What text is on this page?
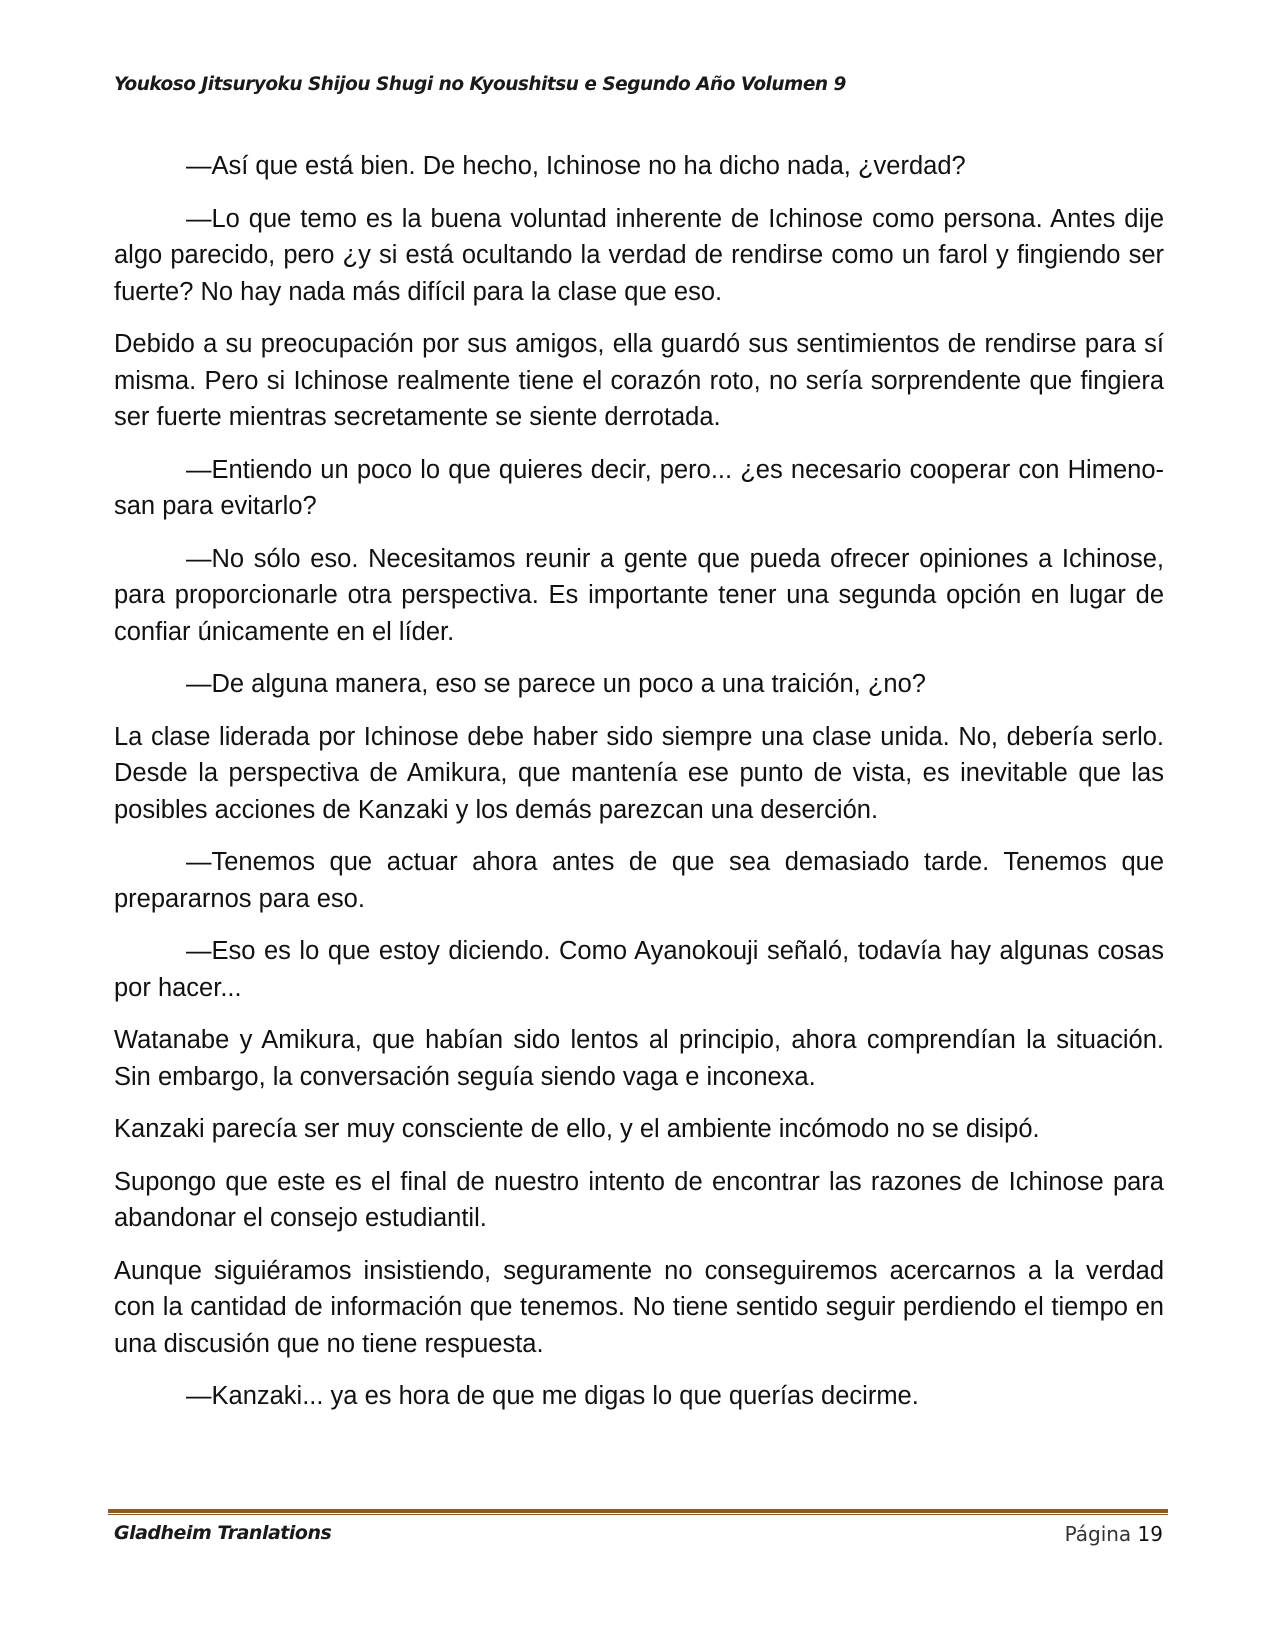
Youkoso Jitsuryoku Shijou Shugi no Kyoushitsu e Segundo Año Volumen 9

—Así que está bien. De hecho, Ichinose no ha dicho nada, ¿verdad?

—Lo que temo es la buena voluntad inherente de Ichinose como persona. Antes dije algo parecido, pero ¿y si está ocultando la verdad de rendirse como un farol y fingiendo ser fuerte? No hay nada más difícil para la clase que eso.

Debido a su preocupación por sus amigos, ella guardó sus sentimientos de rendirse para sí misma. Pero si Ichinose realmente tiene el corazón roto, no sería sorprendente que fingiera ser fuerte mientras secretamente se siente derrotada.

—Entiendo un poco lo que quieres decir, pero... ¿es necesario cooperar con Himeno-san para evitarlo?

—No sólo eso. Necesitamos reunir a gente que pueda ofrecer opiniones a Ichinose, para proporcionarle otra perspectiva. Es importante tener una segunda opción en lugar de confiar únicamente en el líder.

—De alguna manera, eso se parece un poco a una traición, ¿no?

La clase liderada por Ichinose debe haber sido siempre una clase unida. No, debería serlo. Desde la perspectiva de Amikura, que mantenía ese punto de vista, es inevitable que las posibles acciones de Kanzaki y los demás parezcan una deserción.

—Tenemos que actuar ahora antes de que sea demasiado tarde. Tenemos que prepararnos para eso.

—Eso es lo que estoy diciendo. Como Ayanokouji señaló, todavía hay algunas cosas por hacer...

Watanabe y Amikura, que habían sido lentos al principio, ahora comprendían la situación. Sin embargo, la conversación seguía siendo vaga e inconexa.

Kanzaki parecía ser muy consciente de ello, y el ambiente incómodo no se disipó.

Supongo que este es el final de nuestro intento de encontrar las razones de Ichinose para abandonar el consejo estudiantil.

Aunque siguiéramos insistiendo, seguramente no conseguiremos acercarnos a la verdad con la cantidad de información que tenemos. No tiene sentido seguir perdiendo el tiempo en una discusión que no tiene respuesta.

—Kanzaki... ya es hora de que me digas lo que querías decirme.

Gladheim Tranlations	Página 19
